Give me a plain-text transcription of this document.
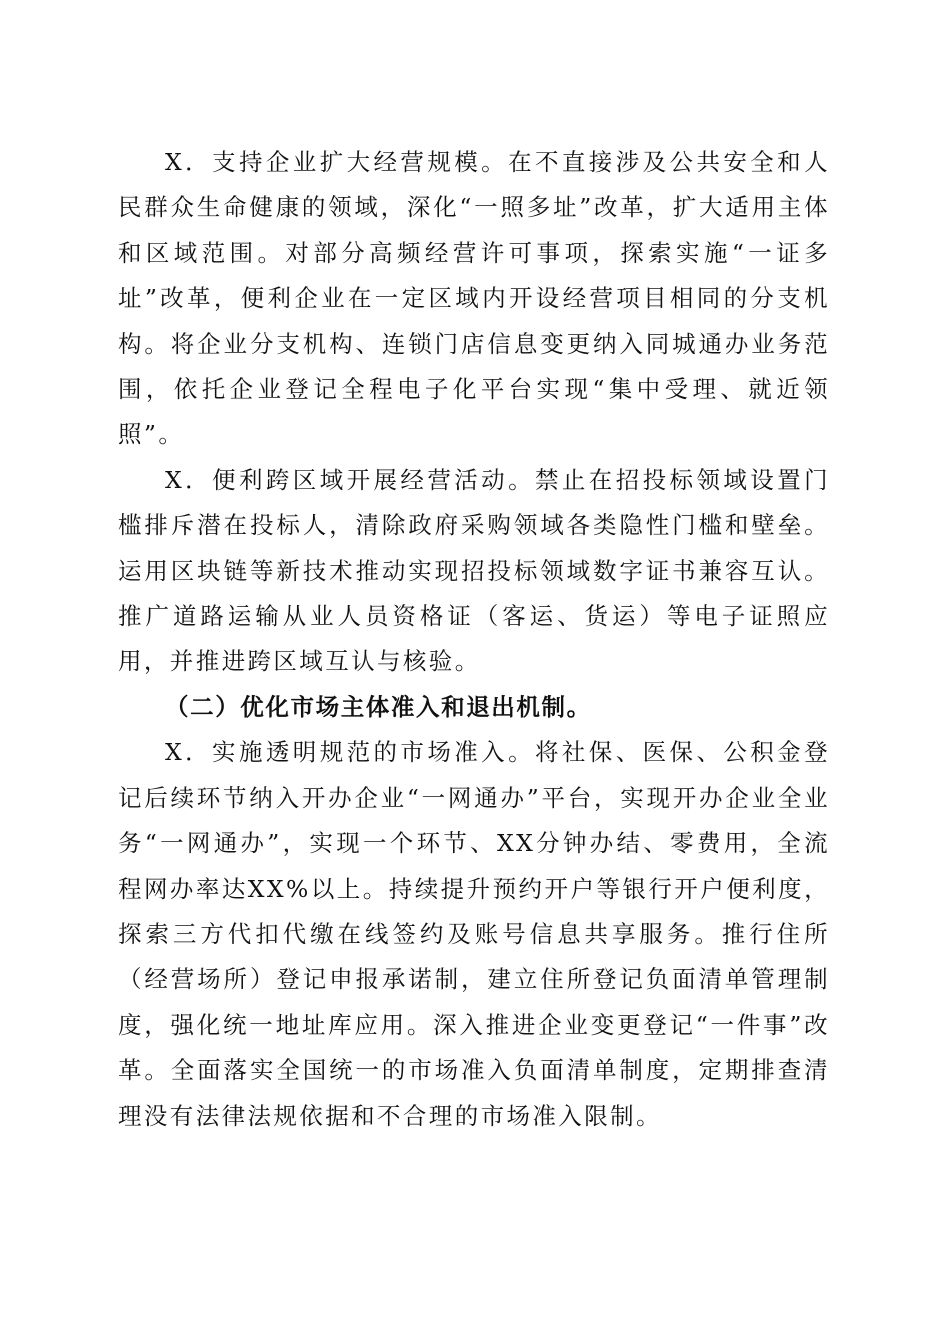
X．支持企业扩大经营规模。在不直接涉及公共安全和人民群众生命健康的领域，深化“一照多址”改革，扩大适用主体和区域范围。对部分高频经营许可事项，探索实施“一证多址”改革，便利企业在一定区域内开设经营项目相同的分支机构。将企业分支机构、连锁门店信息变更纳入同城通办业务范围，依托企业登记全程电子化平台实现“集中受理、就近领照”。

X．便利跨区域开展经营活动。禁止在招投标领域设置门槛排斥潜在投标人，清除政府采购领域各类隐性门槛和壁垒。运用区块链等新技术推动实现招投标领域数字证书兼容互认。推广道路运输从业人员资格证（客运、货运）等电子证照应用，并推进跨区域互认与核验。

（二）优化市场主体准入和退出机制。

X．实施透明规范的市场准入。将社保、医保、公积金登记后续环节纳入开办企业“一网通办”平台，实现开办企业全业务“一网通办”，实现一个环节、XX分钟办结、零费用，全流程网办率达XX%以上。持续提升预约开户等银行开户便利度，探索三方代扣代缴在线签约及账号信息共享服务。推行住所（经营场所）登记申报承诺制，建立住所登记负面清单管理制度，强化统一地址库应用。深入推进企业变更登记“一件事”改革。全面落实全国统一的市场准入负面清单制度，定期排查清理没有法律法规依据和不合理的市场准入限制。
